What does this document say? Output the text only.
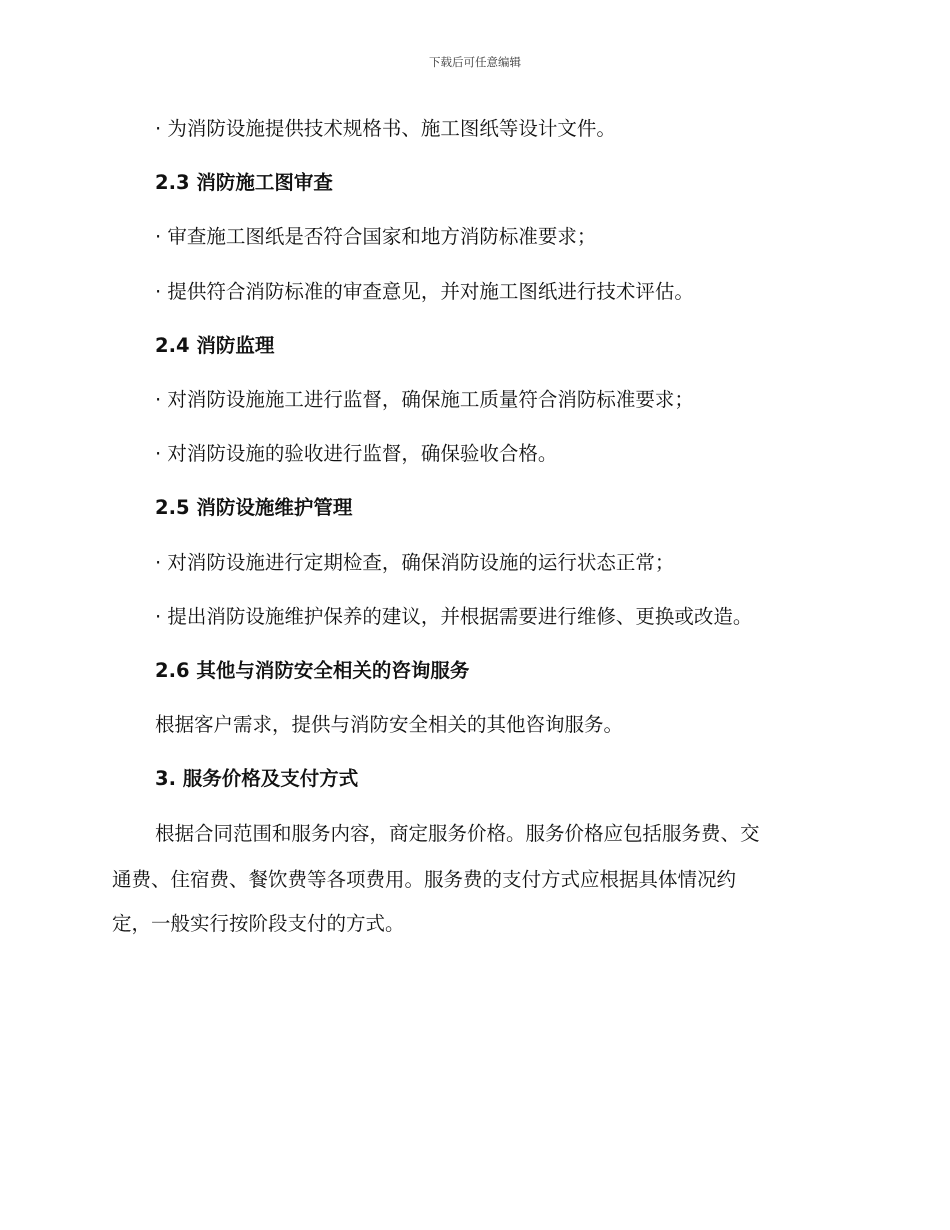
下载后可任意编辑
· 为消防设施提供技术规格书、施工图纸等设计文件。
2.3 消防施工图审查
· 审查施工图纸是否符合国家和地方消防标准要求；
· 提供符合消防标准的审查意见，并对施工图纸进行技术评估。
2.4 消防监理
· 对消防设施施工进行监督，确保施工质量符合消防标准要求；
· 对消防设施的验收进行监督，确保验收合格。
2.5 消防设施维护管理
· 对消防设施进行定期检查，确保消防设施的运行状态正常；
· 提出消防设施维护保养的建议，并根据需要进行维修、更换或改造。
2.6 其他与消防安全相关的咨询服务
根据客户需求，提供与消防安全相关的其他咨询服务。
3. 服务价格及支付方式
根据合同范围和服务内容，商定服务价格。服务价格应包括服务费、交
通费、住宿费、餐饮费等各项费用。服务费的支付方式应根据具体情况约
定，一般实行按阶段支付的方式。
